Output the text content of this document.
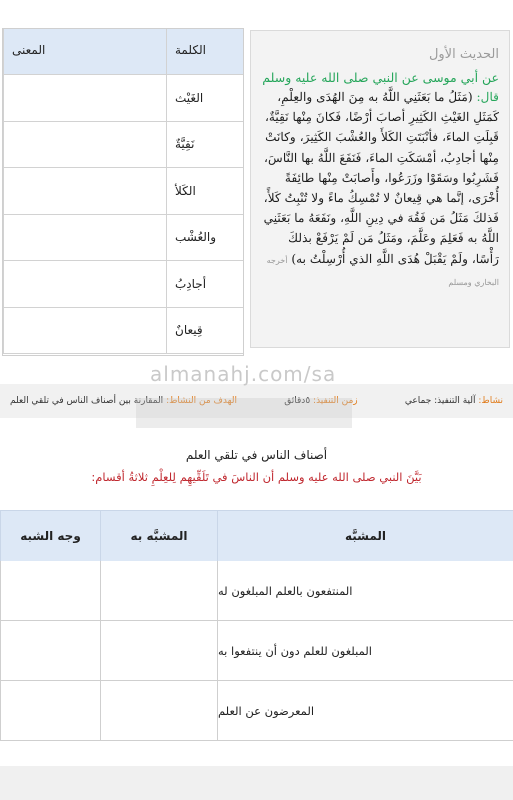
المعنى	الكلمة
الغَيْث
نَقِيَّةٌ
الكَلأ
والعُشْب
أجادِبُ
قِيعانٌ
الحديث الأول
عن أبي موسى عن النبي صلى الله عليه وسلم
قال: (مَثَلُ ما بَعَثَنِي اللَّهُ به مِنَ الهُدَى والعِلْمِ، كَمَثَلِ الغَيْثِ الكَثِيرِ أصابَ أرْضًا، فَكانَ مِنْها نَقِيَّةٌ، قَبِلَتِ الماءَ، فأنْبَتَتِ الكَلأَ والعُشْبَ الكَثِيرَ، وكانَتْ مِنْها أجادِبُ، أمْسَكَتِ الماءَ، فَنَفَعَ اللَّهُ بها النَّاسَ، فَشَرِبُوا وسَقَوْا وزَرَعُوا، وأَصابَتْ مِنْها طائِفَةً أُخْرَى، إنَّما هي قِيعانٌ لا تُمْسِكُ ماءً ولا تُنْبِتُ كَلأً، فَذلكَ مَثَلُ مَن فَقُهَ في دِينِ اللَّهِ، ونَفَعَهُ ما بَعَثَنِي اللَّهُ به فَعَلِمَ وعَلَّمَ، ومَثَلُ مَن لَمْ يَرْفَعْ بذلكَ رَأْسًا، ولَمْ يَقْبَلْ هُدَى اللَّهِ الذي أُرْسِلْتُ به) أخرجه البخاري ومسلم
نشاط: آلية التنفيذ: جماعي
زمن التنفيذ: ٥دقائق
الهدف من النشاط: المقارنة بين أصناف الناس في تلقي العلم
almanahj.com/sa
أصناف الناس في تلقي العلم
بَيَّنَ النبي صلى الله عليه وسلم أن الناسَ في تَلَقِّيهِم لِلعِلْمِ ثلاثةُ أقسام:
وجه الشبه	المشبَّه به	المشبَّه
المنتفعون بالعلم المبلغون له
المبلغون للعلم دون أن ينتفعوا به
المعرضون عن العلم
